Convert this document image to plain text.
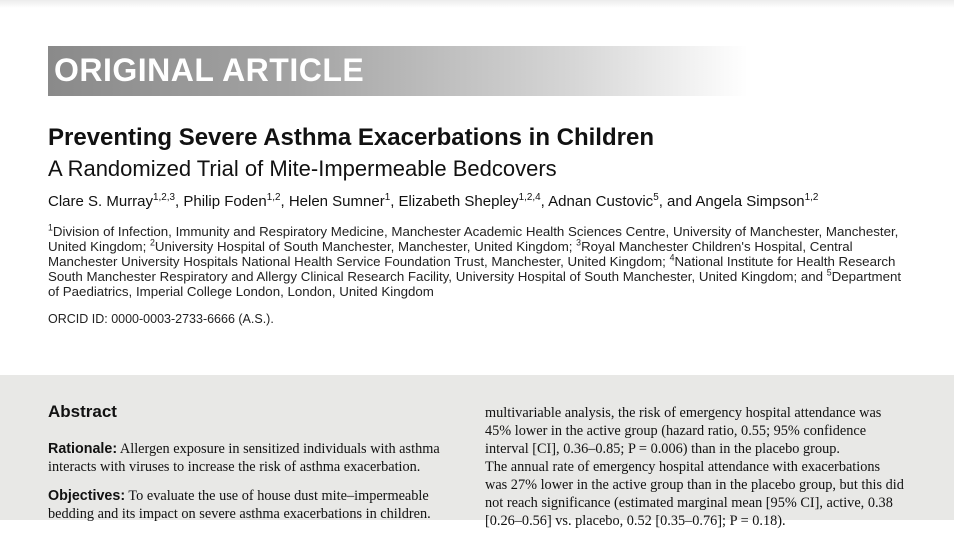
ORIGINAL ARTICLE
Preventing Severe Asthma Exacerbations in Children
A Randomized Trial of Mite-Impermeable Bedcovers
Clare S. Murray$^{1,2,3}$, Philip Foden$^{1,2}$, Helen Sumner$^1$, Elizabeth Shepley$^{1,2,4}$, Adnan Custovic$^5$, and Angela Simpson$^{1,2}$
$^1$Division of Infection, Immunity and Respiratory Medicine, Manchester Academic Health Sciences Centre, University of Manchester, Manchester, United Kingdom; $^2$University Hospital of South Manchester, Manchester, United Kingdom; $^3$Royal Manchester Children's Hospital, Central Manchester University Hospitals National Health Service Foundation Trust, Manchester, United Kingdom; $^4$National Institute for Health Research South Manchester Respiratory and Allergy Clinical Research Facility, University Hospital of South Manchester, United Kingdom; and $^5$Department of Paediatrics, Imperial College London, London, United Kingdom
ORCID ID: 0000-0003-2733-6666 (A.S.).
Abstract

Rationale: Allergen exposure in sensitized individuals with asthma interacts with viruses to increase the risk of asthma exacerbation.

Objectives: To evaluate the use of house dust mite–impermeable bedding and its impact on severe asthma exacerbations in children.

multivariable analysis, the risk of emergency hospital attendance was 45% lower in the active group (hazard ratio, 0.55; 95% confidence interval [CI], 0.36–0.85; P = 0.006) than in the placebo group.

The annual rate of emergency hospital attendance with exacerbations was 27% lower in the active group than in the placebo group, but this did not reach significance (estimated marginal mean [95% CI], active, 0.38 [0.26–0.56] vs. placebo, 0.52 [0.35–0.76]; P = 0.18).
